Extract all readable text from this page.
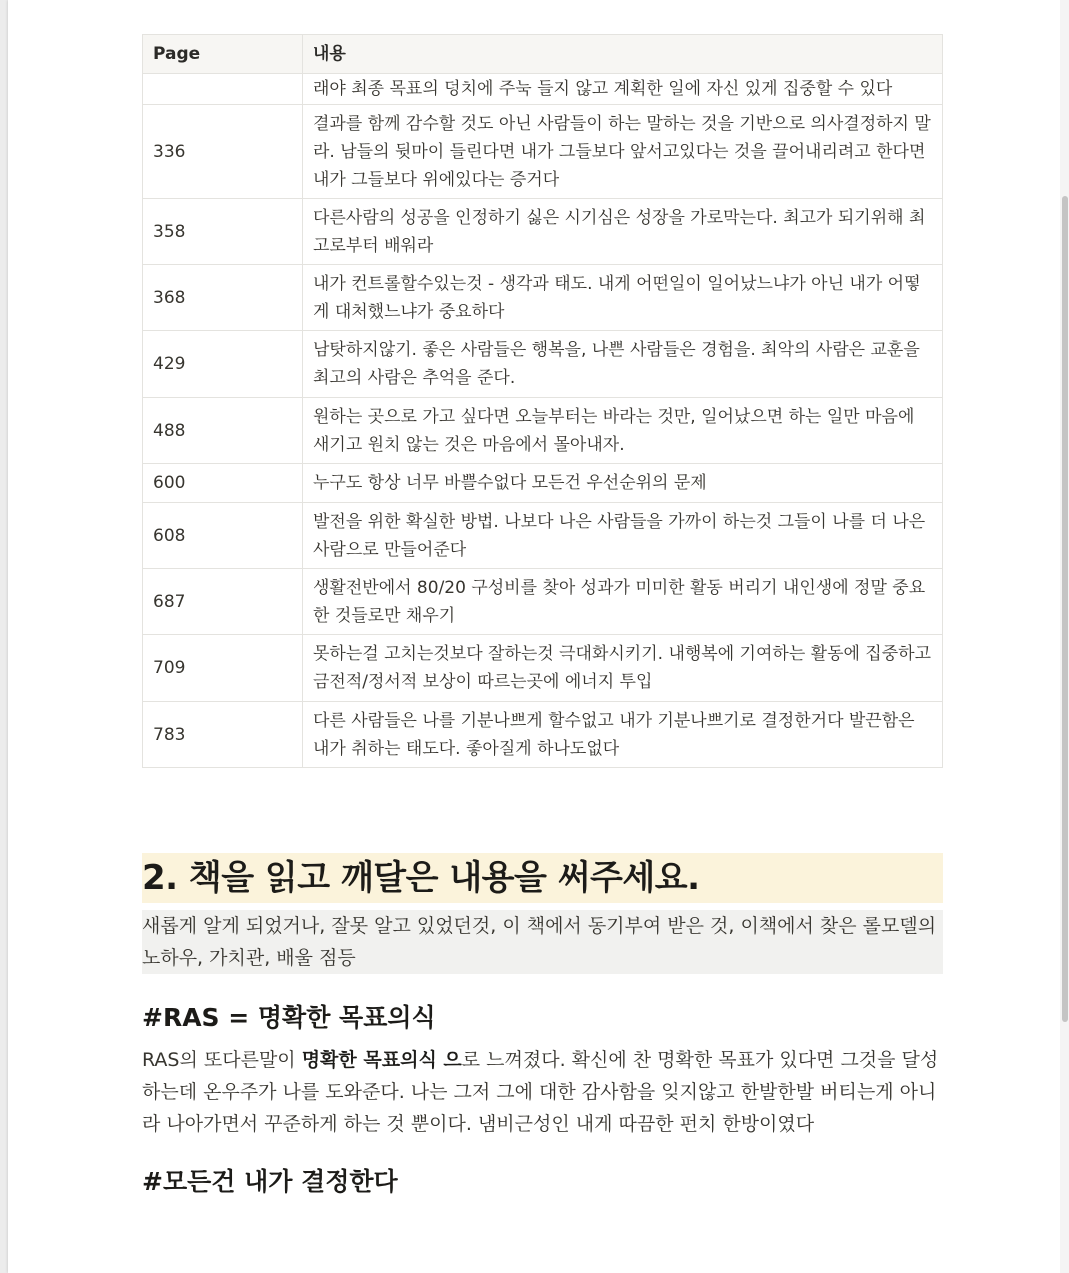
Page	내용
	래야 최종 목표의 덩치에 주눅 들지 않고 계획한 일에 자신 있게 집중할 수 있다
336	결과를 함께 감수할 것도 아닌 사람들이 하는 말하는 것을 기반으로 의사결정하지 말라. 남들의 뒷마이 들린다면 내가 그들보다 앞서고있다는 것을 끌어내리려고 한다면 내가 그들보다 위에있다는 증거다
358	다른사람의 성공을 인정하기 싫은 시기심은 성장을 가로막는다. 최고가 되기위해 최고로부터 배워라
368	내가 컨트롤할수있는것 - 생각과 태도. 내게 어떤일이 일어났느냐가 아닌 내가 어떻게 대처했느냐가 중요하다
429	남탓하지않기. 좋은 사람들은 행복을, 나쁜 사람들은 경험을. 최악의 사람은 교훈을 최고의 사람은 추억을 준다.
488	원하는 곳으로 가고 싶다면 오늘부터는 바라는 것만, 일어났으면 하는 일만 마음에 새기고 원치 않는 것은 마음에서 몰아내자.
600	누구도 항상 너무 바쁠수없다 모든건 우선순위의 문제
608	발전을 위한 확실한 방법. 나보다 나은 사람들을 가까이 하는것 그들이 나를 더 나은 사람으로 만들어준다
687	생활전반에서 80/20 구성비를 찾아 성과가 미미한 활동 버리기 내인생에 정말 중요한 것들로만 채우기
709	못하는걸 고치는것보다 잘하는것 극대화시키기. 내행복에 기여하는 활동에 집중하고 금전적/정서적 보상이 따르는곳에 에너지 투입
783	다른 사람들은 나를 기분나쁘게 할수없고 내가 기분나쁘기로 결정한거다 발끈함은 내가 취하는 태도다. 좋아질게 하나도없다
2. 책을 읽고 깨달은 내용을 써주세요.
새롭게 알게 되었거나, 잘못 알고 있었던것, 이 책에서 동기부여 받은 것, 이책에서 찾은 롤모델의 노하우, 가치관, 배울 점등
#RAS = 명확한 목표의식
RAS의 또다른말이 명확한 목표의식 으로 느껴졌다. 확신에 찬 명확한 목표가 있다면 그것을 달성하는데 온우주가 나를 도와준다. 나는 그저 그에 대한 감사함을 잊지않고 한발한발 버티는게 아니라 나아가면서 꾸준하게 하는 것 뿐이다. 냄비근성인 내게 따끔한 펀치 한방이였다
#모든건 내가 결정한다
